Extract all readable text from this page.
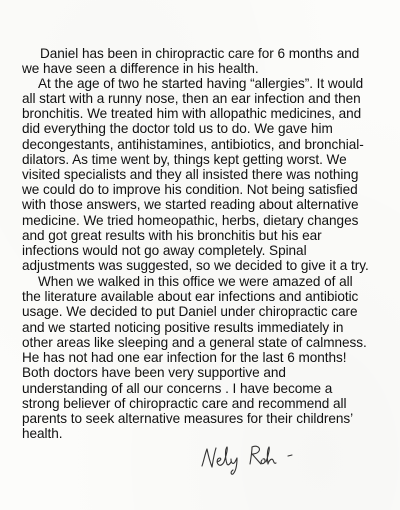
Daniel has been in chiropractic care for 6 months and
we have seen a difference in his health.
At the age of two he started having “allergies”. It would
all start with a runny nose, then an ear infection and then
bronchitis. We treated him with allopathic medicines, and
did everything the doctor told us to do. We gave him
decongestants, antihistamines, antibiotics, and bronchial-
dilators. As time went by, things kept getting worst. We
visited specialists and they all insisted there was nothing
we could do to improve his condition. Not being satisfied
with those answers, we started reading about alternative
medicine. We tried homeopathic, herbs, dietary changes
and got great results with his bronchitis but his ear
infections would not go away completely. Spinal
adjustments was suggested, so we decided to give it a try.
When we walked in this office we were amazed of all
the literature available about ear infections and antibiotic
usage. We decided to put Daniel under chiropractic care
and we started noticing positive results immediately in
other areas like sleeping and a general state of calmness.
He has not had one ear infection for the last 6 months!
Both doctors have been very supportive and
understanding of all our concerns . I have become a
strong believer of chiropractic care and recommend all
parents to seek alternative measures for their childrens’
health.
